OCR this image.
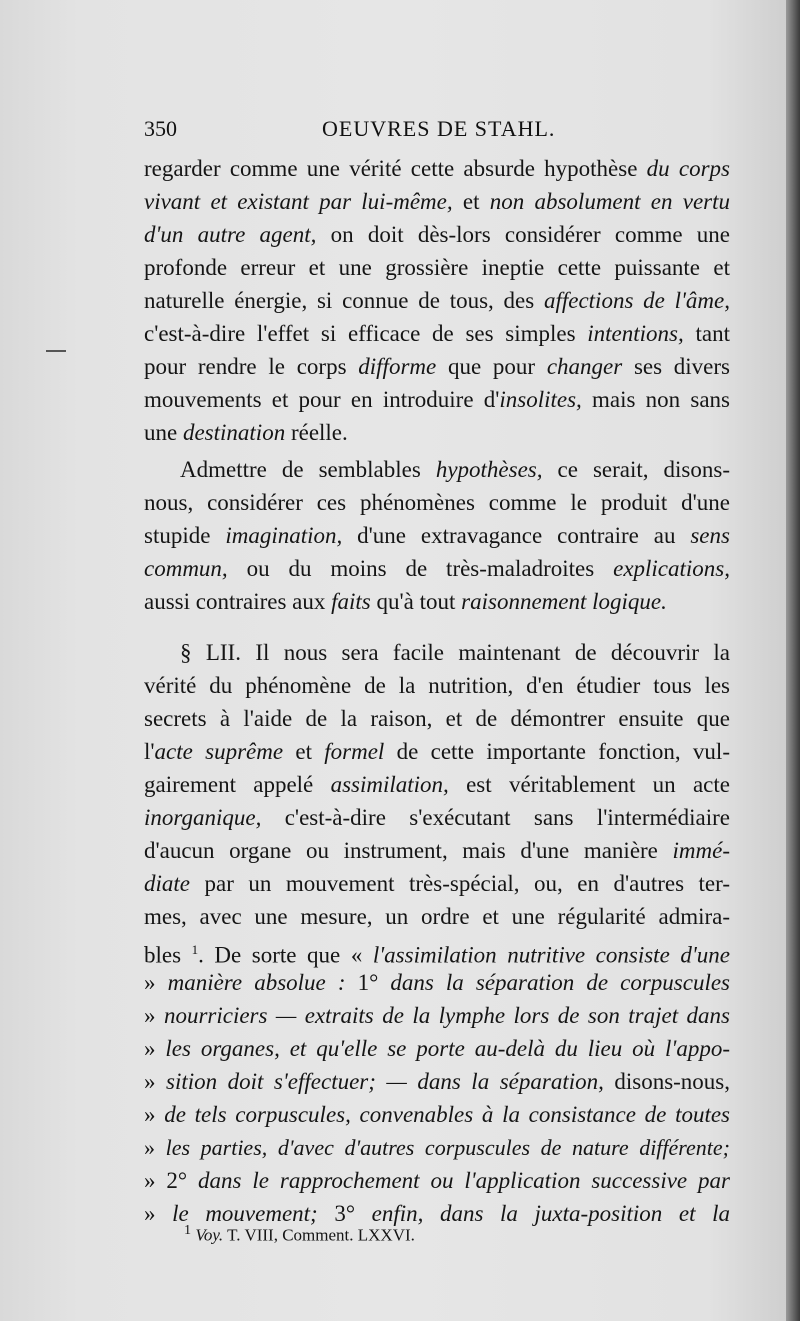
350	OEUVRES DE STAHL.
regarder comme une vérité cette absurde hypothèse du corps
vivant et existant par lui-même, et non absolument en vertu
d'un autre agent, on doit dès-lors considérer comme une
profonde erreur et une grossière ineptie cette puissante et
naturelle énergie, si connue de tous, des affections de l'âme,
c'est-à-dire l'effet si efficace de ses simples intentions, tant
pour rendre le corps difforme que pour changer ses divers
mouvements et pour en introduire d'insolites, mais non sans
une destination réelle.
Admettre de semblables hypothèses, ce serait, disons-
nous, considérer ces phénomènes comme le produit d'une
stupide imagination, d'une extravagance contraire au sens
commun, ou du moins de très-maladroites explications,
aussi contraires aux faits qu'à tout raisonnement logique.
§ LII. Il nous sera facile maintenant de découvrir la
vérité du phénomène de la nutrition, d'en étudier tous les
secrets à l'aide de la raison, et de démontrer ensuite que
l'acte suprême et formel de cette importante fonction, vul-
gairement appelé assimilation, est véritablement un acte
inorganique, c'est-à-dire s'exécutant sans l'intermédiaire
d'aucun organe ou instrument, mais d'une manière immé-
diate par un mouvement très-spécial, ou, en d'autres ter-
mes, avec une mesure, un ordre et une régularité admira-
bles $^1$. De sorte que « l'assimilation nutritive consiste d'une
» manière absolue : 1° dans la séparation de corpuscules
» nourriciers — extraits de la lymphe lors de son trajet dans
» les organes, et qu'elle se porte au-delà du lieu où l'appo-
» sition doit s'effectuer; — dans la séparation, disons-nous,
» de tels corpuscules, convenables à la consistance de toutes
» les parties, d'avec d'autres corpuscules de nature différente;
» 2° dans le rapprochement ou l'application successive par
» le mouvement; 3° enfin, dans la juxta-position et la
$^1$ Voy. T. VIII, Comment. LXXVI.
